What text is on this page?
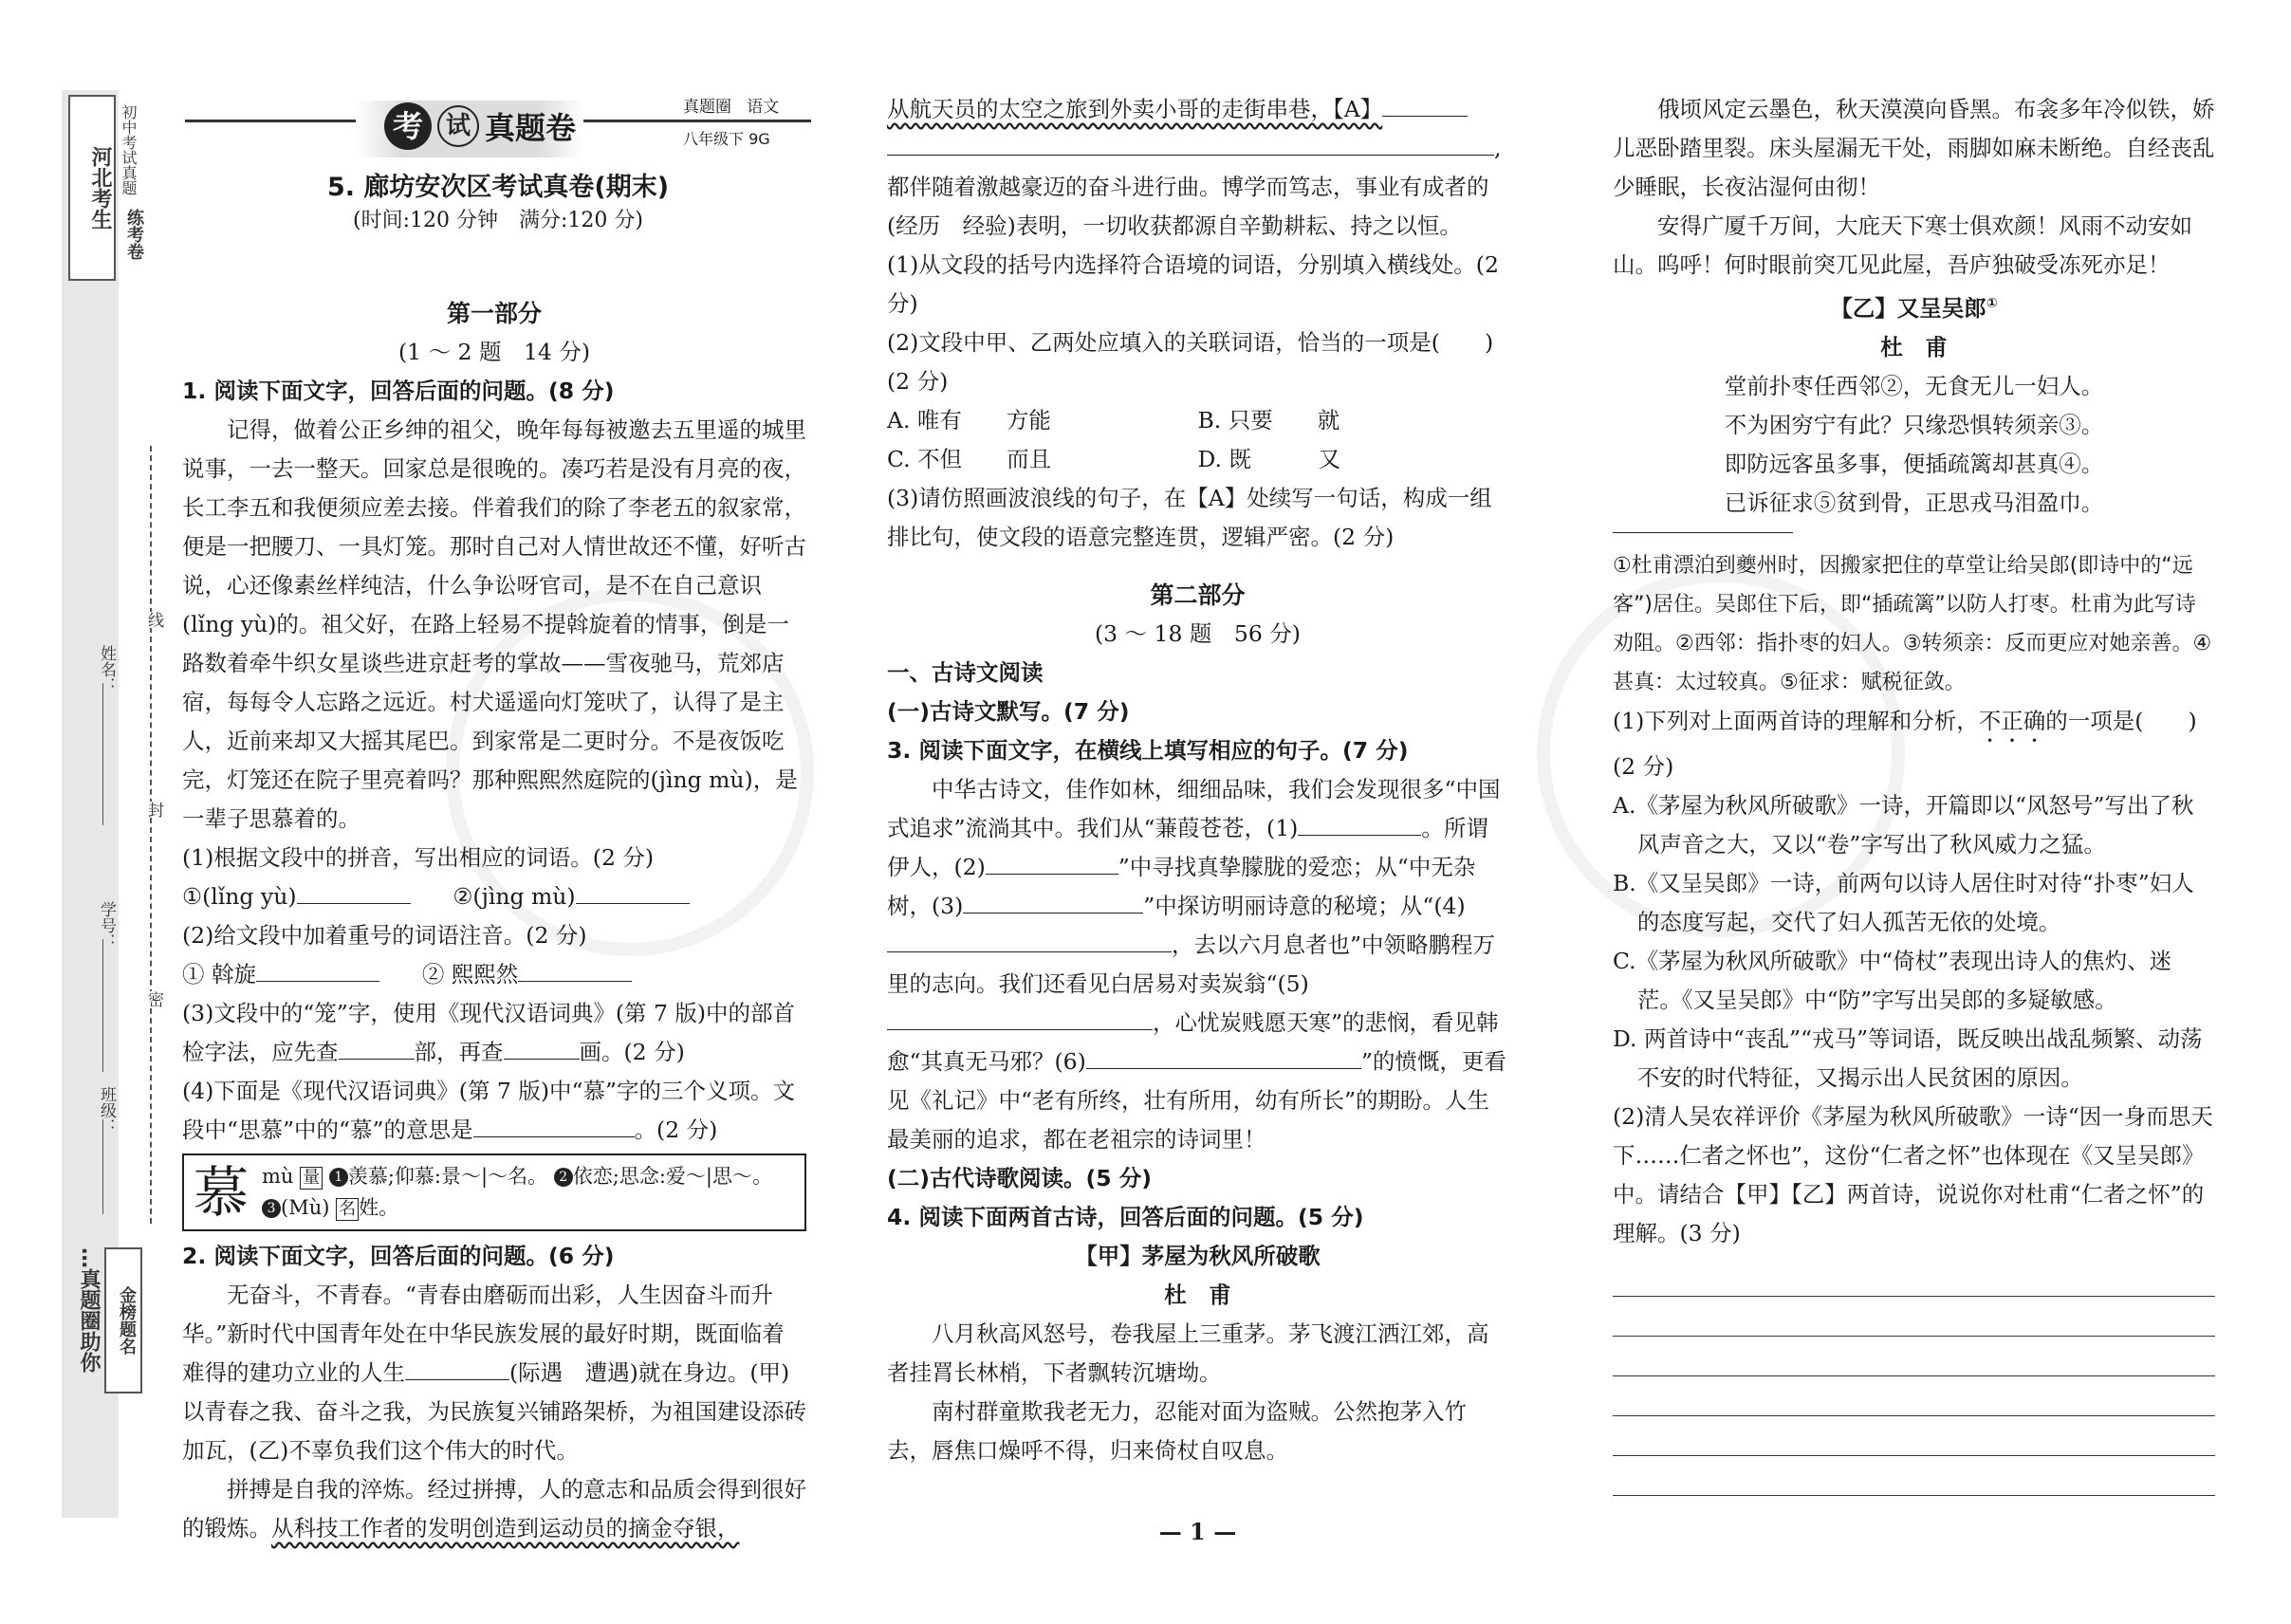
河北考生 初中考试真题
练考卷
姓名：
学号：
班级：
线
封
密
…真题圈助你 金榜题名
考 试 真题卷
真题圈 语文
八年级下 9G
5. 廊坊安次区考试真卷(期末)
(时间:120 分钟　满分:120 分)

第一部分

(1 ～ 2 题　14 分)

1. 阅读下面文字，回答后面的问题。(8 分)

记得，做着公正乡绅的祖父，晚年每每被邀去五里遥的城里说事，一去一整天。回家总是很晚的。凑巧若是没有月亮的夜，长工李五和我便须应差去接。伴着我们的除了李老五的叙家常，便是一把腰刀、一具灯笼。那时自己对人情世故还不懂，好听古说，心还像素丝样纯洁，什么争讼呀官司，是不在自己意识(lǐng yù)的。祖父好，在路上轻易不提斡旋着的情事，倒是一路数着牵牛织女星谈些进京赶考的掌故——雪夜驰马，荒郊店宿，每每令人忘路之远近。村犬遥遥向灯笼吠了，认得了是主人，近前来却又大摇其尾巴。到家常是二更时分。不是夜饭吃完，灯笼还在院子里亮着吗？那种熙熙然庭院的(jìng mù)，是一辈子思慕着的。

(1)根据文段中的拼音，写出相应的词语。(2 分)

①(lǐng yù)	②(jìng mù)

(2)给文段中加着重号的词语注音。(2 分)

① 斡旋	② 熙熙然

(3)文段中的“笼”字，使用《现代汉语词典》(第 7 版)中的部首检字法，应先查	部，再查	画。(2 分)

(4)下面是《现代汉语词典》(第 7 版)中“慕”字的三个义项。文段中“思慕”中的“慕”的意思是	。(2 分)

慕 mù 量 1 羡慕;仰慕:景～|～名。 2 依恋;思念:爱～|思～。 3 (Mù) 名 姓。

2. 阅读下面文字，回答后面的问题。(6 分)

无奋斗，不青春。“青春由磨砺而出彩，人生因奋斗而升华。”新时代中国青年处在中华民族发展的最好时期，既面临着难得的建功立业的人生	(际遇　遭遇)就在身边。(甲)以青春之我、奋斗之我，为民族复兴铺路架桥，为祖国建设添砖加瓦，(乙)不辜负我们这个伟大的时代。

拼搏是自我的淬炼。经过拼搏，人的意志和品质会得到很好的锻炼。从科技工作者的发明创造到运动员的摘金夺银，

从航天员的太空之旅到外卖小哥的走街串巷，【A】

,

都伴随着激越豪迈的奋斗进行曲。博学而笃志，事业有成者的(经历　经验)表明，一切收获都源自辛勤耕耘、持之以恒。

(1)从文段的括号内选择符合语境的词语，分别填入横线处。(2 分)

(2)文段中甲、乙两处应填入的关联词语，恰当的一项是(　　)(2 分)

A. 唯有　　方能	B. 只要　　就
C. 不但　　而且	D. 既　　　又

(3)请仿照画波浪线的句子，在【A】处续写一句话，构成一组排比句，使文段的语意完整连贯，逻辑严密。(2 分)

第二部分

(3 ～ 18 题　56 分)

一、古诗文阅读

(一)古诗文默写。(7 分)

3. 阅读下面文字，在横线上填写相应的句子。(7 分)

中华古诗文，佳作如林，细细品味，我们会发现很多“中国式追求”流淌其中。我们从“蒹葭苍苍，(1)	。所谓伊人，(2)	”中寻找真挚朦胧的爱恋；从“中无杂树，(3)	”中探访明丽诗意的秘境；从“(4)，去以六月息者也”中领略鹏程万里的志向。我们还看见白居易对卖炭翁“(5)，心忧炭贱愿天寒”的悲悯，看见韩愈“其真无马邪？(6)	”的愤慨，更看见《礼记》中“老有所终，壮有所用，幼有所长”的期盼。人生最美丽的追求，都在老祖宗的诗词里！

(二)古代诗歌阅读。(5 分)

4. 阅读下面两首古诗，回答后面的问题。(5 分)

【甲】茅屋为秋风所破歌

杜　甫

八月秋高风怒号，卷我屋上三重茅。茅飞渡江洒江郊，高者挂罥长林梢，下者飘转沉塘坳。

南村群童欺我老无力，忍能对面为盗贼。公然抱茅入竹去，唇焦口燥呼不得，归来倚杖自叹息。

— 1 —

俄顷风定云墨色，秋天漠漠向昏黑。布衾多年冷似铁，娇儿恶卧踏里裂。床头屋漏无干处，雨脚如麻未断绝。自经丧乱少睡眠，长夜沾湿何由彻！

安得广厦千万间，大庇天下寒士俱欢颜！风雨不动安如山。呜呼！何时眼前突兀见此屋，吾庐独破受冻死亦足！

【乙】又呈吴郎①

杜　甫

堂前扑枣任西邻②，无食无儿一妇人。

不为困穷宁有此？只缘恐惧转须亲③。

即防远客虽多事，便插疏篱却甚真④。

已诉征求⑤贫到骨，正思戎马泪盈巾。

①杜甫漂泊到夔州时，因搬家把住的草堂让给吴郎(即诗中的“远客”)居住。吴郎住下后，即“插疏篱”以防人打枣。杜甫为此写诗劝阻。②西邻：指扑枣的妇人。③转须亲：反而更应对她亲善。④甚真：太过较真。⑤征求：赋税征敛。

(1)下列对上面两首诗的理解和分析，不正确的一项是(　　)(2 分)

A.《茅屋为秋风所破歌》一诗，开篇即以“风怒号”写出了秋风声音之大，又以“卷”字写出了秋风威力之猛。

B.《又呈吴郎》一诗，前两句以诗人居住时对待“扑枣”妇人的态度写起，交代了妇人孤苦无依的处境。

C.《茅屋为秋风所破歌》中“倚杖”表现出诗人的焦灼、迷茫。《又呈吴郎》中“防”字写出吴郎的多疑敏感。

D. 两首诗中“丧乱”“戎马”等词语，既反映出战乱频繁、动荡不安的时代特征，又揭示出人民贫困的原因。

(2)清人吴农祥评价《茅屋为秋风所破歌》一诗“因一身而思天下……仁者之怀也”，这份“仁者之怀”也体现在《又呈吴郎》中。请结合【甲】【乙】两首诗，说说你对杜甫“仁者之怀”的理解。(3 分)
